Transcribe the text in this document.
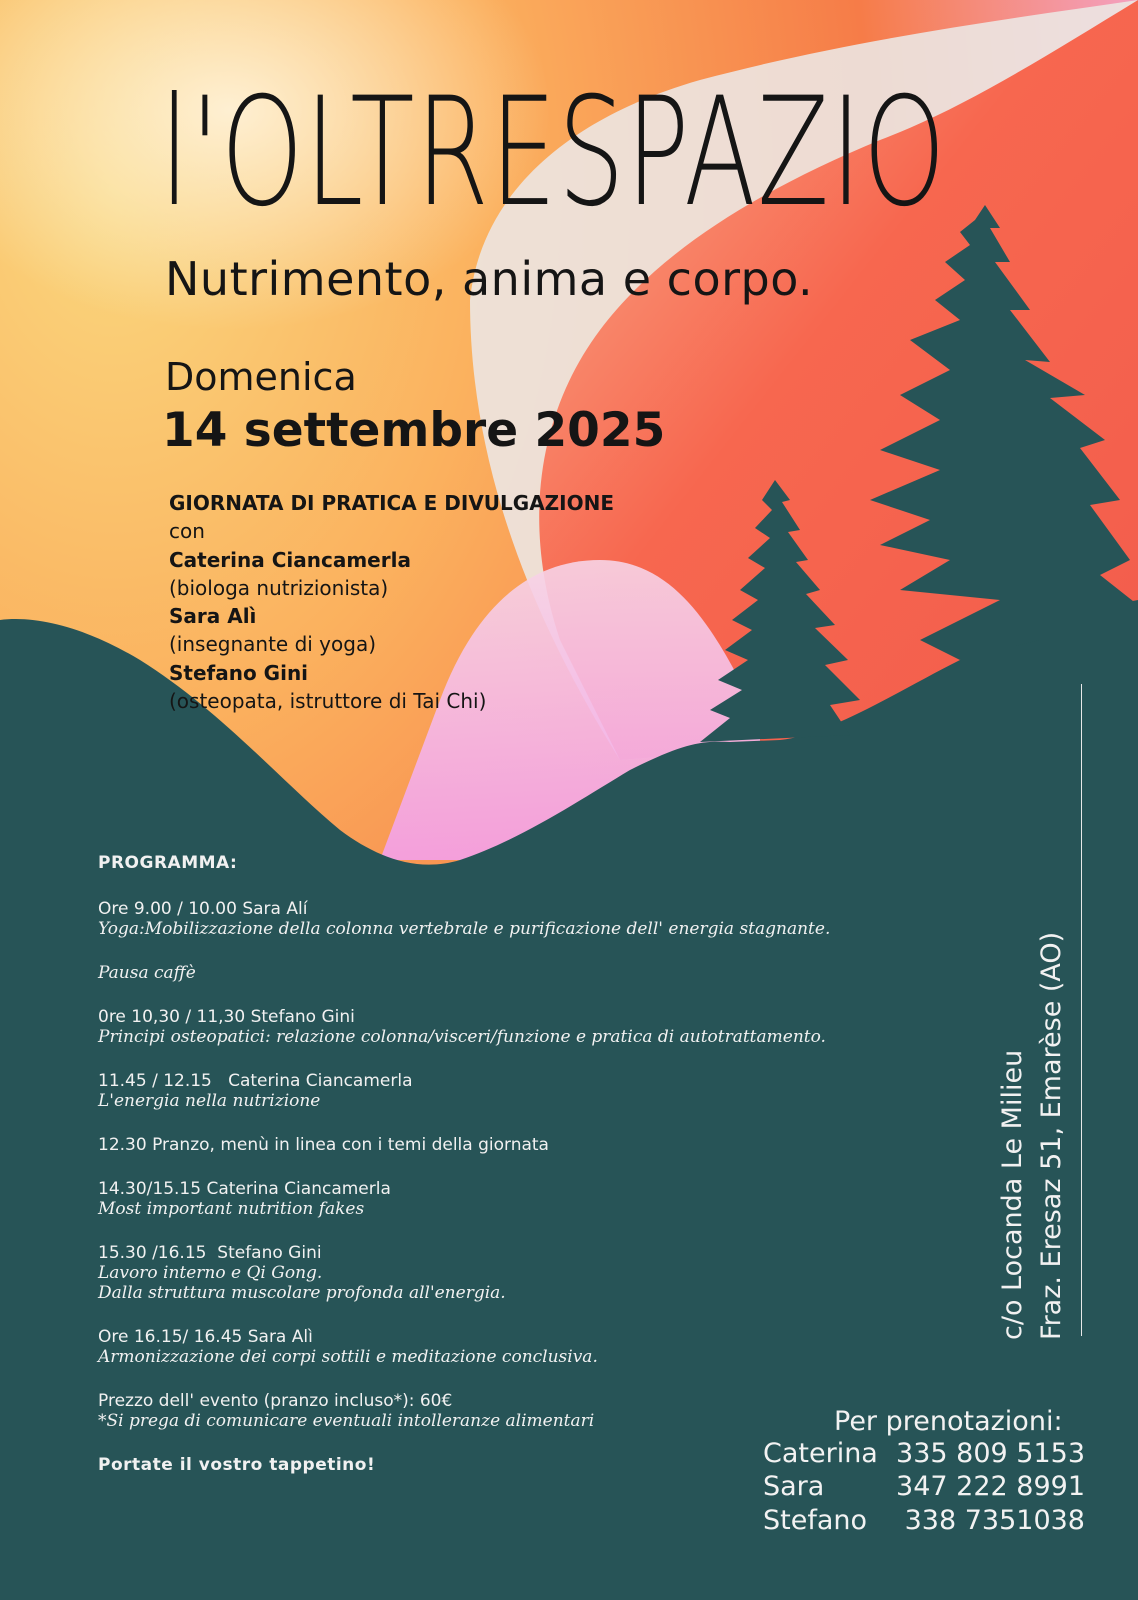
l'OLTRESPAZIO
Nutrimento, anima e corpo.
Domenica
14 settembre 2025
GIORNATA DI PRATICA E DIVULGAZIONE
con
Caterina Ciancamerla
(biologa nutrizionista)
Sara Alì
(insegnante di yoga)
Stefano Gini
(osteopata, istruttore di Tai Chi)
PROGRAMMA:
Ore 9.00 / 10.00 Sara Alí
Yoga:Mobilizzazione della colonna vertebrale e purificazione dell' energia stagnante.
Pausa caffè
0re 10,30 / 11,30 Stefano Gini
Principi osteopatici: relazione colonna/visceri/funzione e pratica di autotrattamento.
11.45 / 12.15   Caterina Ciancamerla
L'energia nella nutrizione
12.30 Pranzo, menù in linea con i temi della giornata
14.30/15.15 Caterina Ciancamerla
Most important nutrition fakes
15.30 /16.15  Stefano Gini
Lavoro interno e Qi Gong.
Dalla struttura muscolare profonda all'energia.
Ore 16.15/ 16.45 Sara Alì
Armonizzazione dei corpi sottili e meditazione conclusiva.
Prezzo dell' evento (pranzo incluso*): 60€
*Si prega di comunicare eventuali intolleranze alimentari
Portate il vostro tappetino!
c/o Locanda Le Milieu Fraz. Eresaz 51, Emarèse (AO)
Per prenotazioni:
Caterina 335 809 5153
Sara	347 222 8991
Stefano 338 7351038
